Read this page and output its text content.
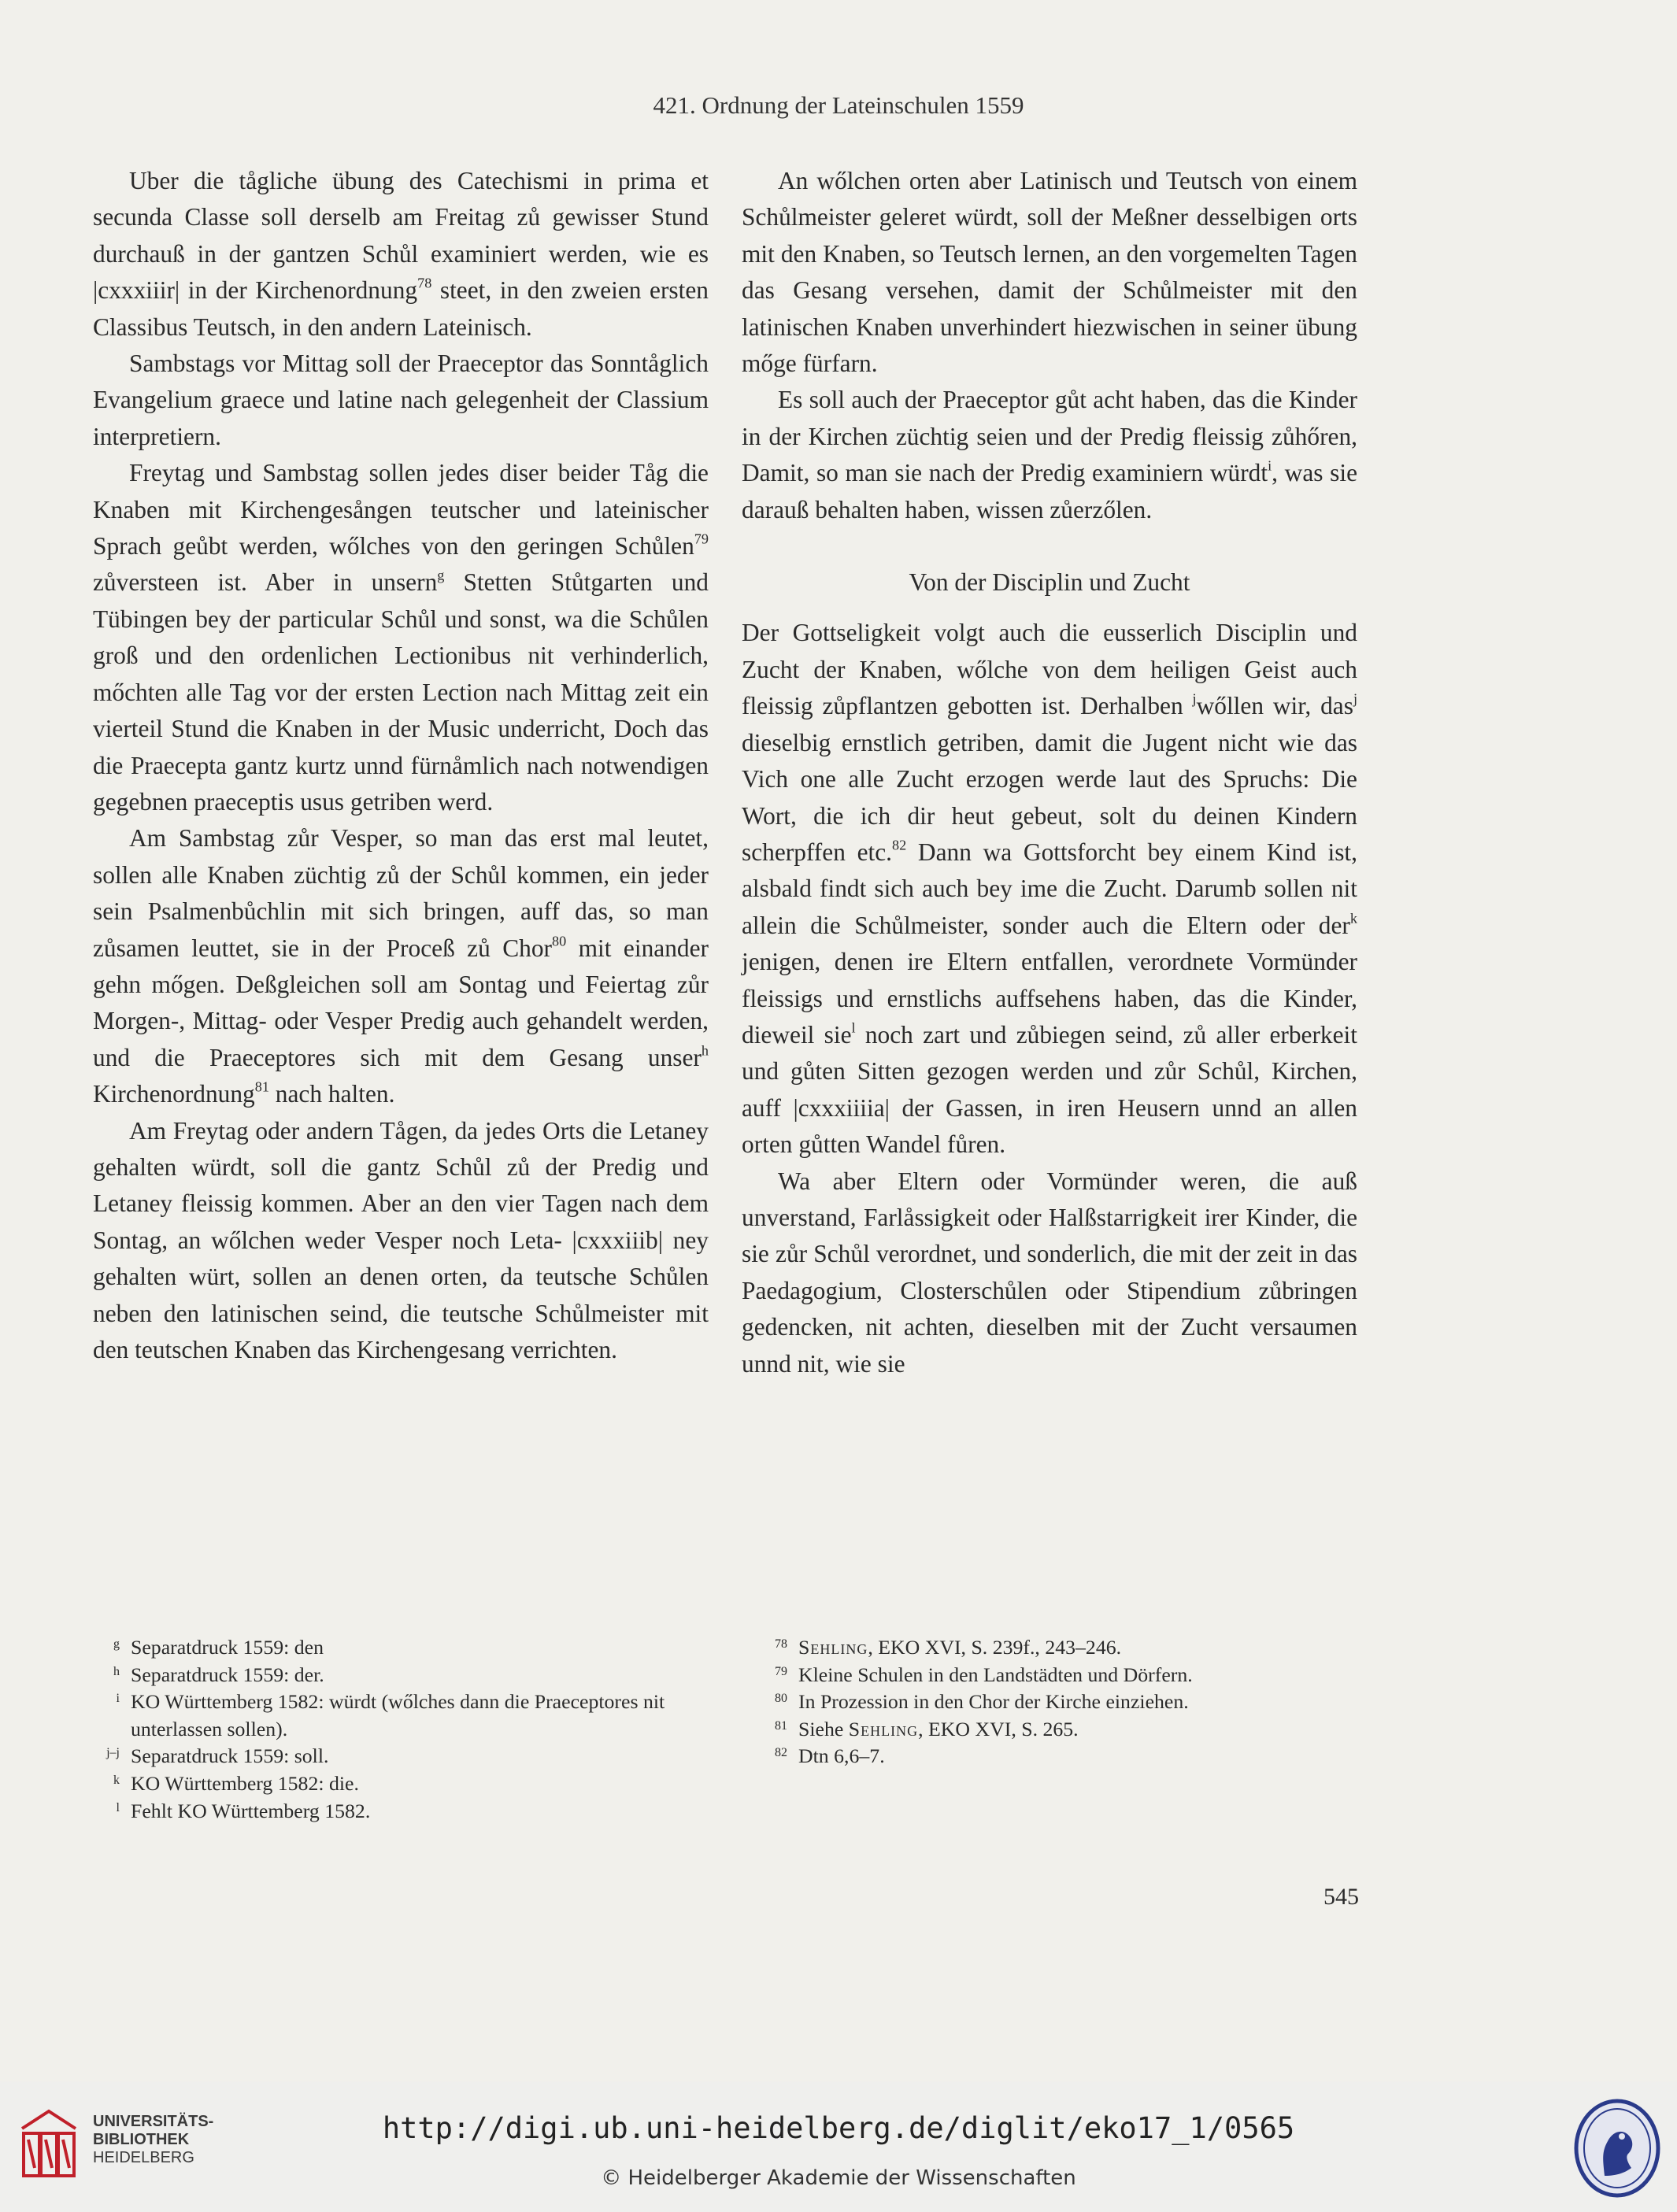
421. Ordnung der Lateinschulen 1559

Uber die tågliche übung des Catechismi in prima et secunda Classe soll derselb am Freitag zů gewisser Stund durchauß in der gantzen Schůl examiniert werden, wie es |cxxxiiir| in der Kirchenordnung$^{78}$ steet, in den zweien ersten Classibus Teutsch, in den andern Lateinisch.

Sambstags vor Mittag soll der Praeceptor das Sonntåglich Evangelium graece und latine nach gelegenheit der Classium interpretiern.

Freytag und Sambstag sollen jedes diser beider Tåg die Knaben mit Kirchengesången teutscher und lateinischer Sprach geůbt werden, wőlches von den geringen Schůlen$^{79}$ zůversteen ist. Aber in unsern$^g$ Stetten Stůtgarten und Tübingen bey der particular Schůl und sonst, wa die Schůlen groß und den ordenlichen Lectionibus nit verhinderlich, mőchten alle Tag vor der ersten Lection nach Mittag zeit ein vierteil Stund die Knaben in der Music underricht, Doch das die Praecepta gantz kurtz unnd fürnåmlich nach notwendigen gegebnen praeceptis usus getriben werd.

Am Sambstag zůr Vesper, so man das erst mal leutet, sollen alle Knaben züchtig zů der Schůl kommen, ein jeder sein Psalmenbůchlin mit sich bringen, auff das, so man zůsamen leuttet, sie in der Proceß zů Chor$^{80}$ mit einander gehn mőgen. Deßgleichen soll am Sontag und Feiertag zůr Morgen-, Mittag- oder Vesper Predig auch gehandelt werden, und die Praeceptores sich mit dem Gesang unser$^h$ Kirchenordnung$^{81}$ nach halten.

Am Freytag oder andern Tågen, da jedes Orts die Letaney gehalten würdt, soll die gantz Schůl zů der Predig und Letaney fleissig kommen. Aber an den vier Tagen nach dem Sontag, an wőlchen weder Vesper noch Leta- |cxxxiiib| ney gehalten würt, sollen an denen orten, da teutsche Schůlen neben den latinischen seind, die teutsche Schůlmeister mit den teutschen Knaben das Kirchengesang verrichten.

An wőlchen orten aber Latinisch und Teutsch von einem Schůlmeister geleret würdt, soll der Meßner desselbigen orts mit den Knaben, so Teutsch lernen, an den vorgemelten Tagen das Gesang versehen, damit der Schůlmeister mit den latinischen Knaben unverhindert hiezwischen in seiner übung mőge fürfarn.

Es soll auch der Praeceptor gůt acht haben, das die Kinder in der Kirchen züchtig seien und der Predig fleissig zůhőren, Damit, so man sie nach der Predig examiniern würdt$^i$, was sie darauß behalten haben, wissen zůerzőlen.

Von der Disciplin und Zucht

Der Gottseligkeit volgt auch die eusserlich Disciplin und Zucht der Knaben, wőlche von dem heiligen Geist auch fleissig zůpflantzen gebotten ist. Derhalben $^j$wőllen wir, das$^j$ dieselbig ernstlich getriben, damit die Jugent nicht wie das Vich one alle Zucht erzogen werde laut des Spruchs: Die Wort, die ich dir heut gebeut, solt du deinen Kindern scherpffen etc.$^{82}$ Dann wa Gottsforcht bey einem Kind ist, alsbald findt sich auch bey ime die Zucht. Darumb sollen nit allein die Schůlmeister, sonder auch die Eltern oder der$^k$ jenigen, denen ire Eltern entfallen, verordnete Vormünder fleissigs und ernstlichs auffsehens haben, das die Kinder, dieweil sie$^l$ noch zart und zůbiegen seind, zů aller erberkeit und gůten Sitten gezogen werden und zůr Schůl, Kirchen, auff |cxxxiiiia| der Gassen, in iren Heusern unnd an allen orten gůtten Wandel fůren.

Wa aber Eltern oder Vormünder weren, die auß unverstand, Farlåssigkeit oder Halßstarrigkeit irer Kinder, die sie zůr Schůl verordnet, und sonderlich, die mit der zeit in das Paedagogium, Closterschůlen oder Stipendium zůbringen gedencken, nit achten, dieselben mit der Zucht versaumen unnd nit, wie sie

g Separatdruck 1559: den
h Separatdruck 1559: der.
i KO Württemberg 1582: würdt (wőlches dann die Praeceptores nit unterlassen sollen).
j–j Separatdruck 1559: soll.
k KO Württemberg 1582: die.
l Fehlt KO Württemberg 1582.
78 Sehling, EKO XVI, S. 239f., 243–246.
79 Kleine Schulen in den Landstädten und Dörfern.
80 In Prozession in den Chor der Kirche einziehen.
81 Siehe Sehling, EKO XVI, S. 265.
82 Dtn 6,6–7.
545
UNIVERSITÄTS-
BIBLIOTHEK
HEIDELBERG
http://digi.ub.uni-heidelberg.de/diglit/eko17_1/0565
© Heidelberger Akademie der Wissenschaften
